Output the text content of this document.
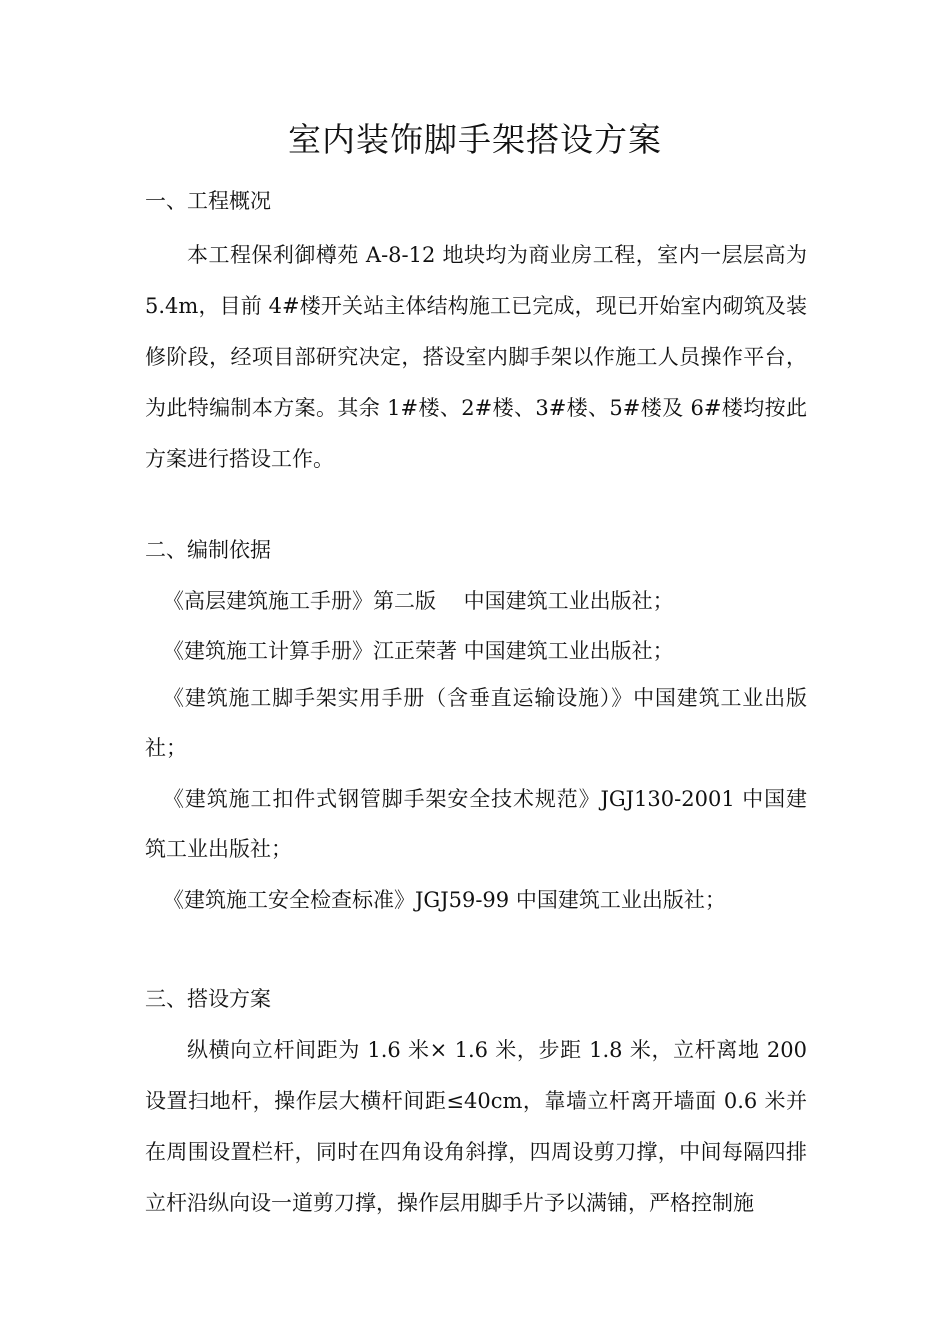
室内装饰脚手架搭设方案
一、工程概况
本工程保利御樽苑 A-8-12 地块均为商业房工程，室内一层层高为 5.4m，目前 4#楼开关站主体结构施工已完成，现已开始室内砌筑及装修阶段，经项目部研究决定，搭设室内脚手架以作施工人员操作平台，为此特编制本方案。其余 1#楼、2#楼、3#楼、5#楼及 6#楼均按此方案进行搭设工作。
二、编制依据
《高层建筑施工手册》第二版　 中国建筑工业出版社；
《建筑施工计算手册》江正荣著 中国建筑工业出版社；
《建筑施工脚手架实用手册（含垂直运输设施）》中国建筑工业出版社；
《建筑施工扣件式钢管脚手架安全技术规范》JGJ130-2001 中国建筑工业出版社；
《建筑施工安全检查标准》JGJ59-99 中国建筑工业出版社；
三、搭设方案
纵横向立杆间距为 1.6 米× 1.6 米，步距 1.8 米，立杆离地 200 设置扫地杆，操作层大横杆间距≤40cm，靠墙立杆离开墙面 0.6 米并在周围设置栏杆，同时在四角设角斜撑，四周设剪刀撑，中间每隔四排立杆沿纵向设一道剪刀撑，操作层用脚手片予以满铺，严格控制施
